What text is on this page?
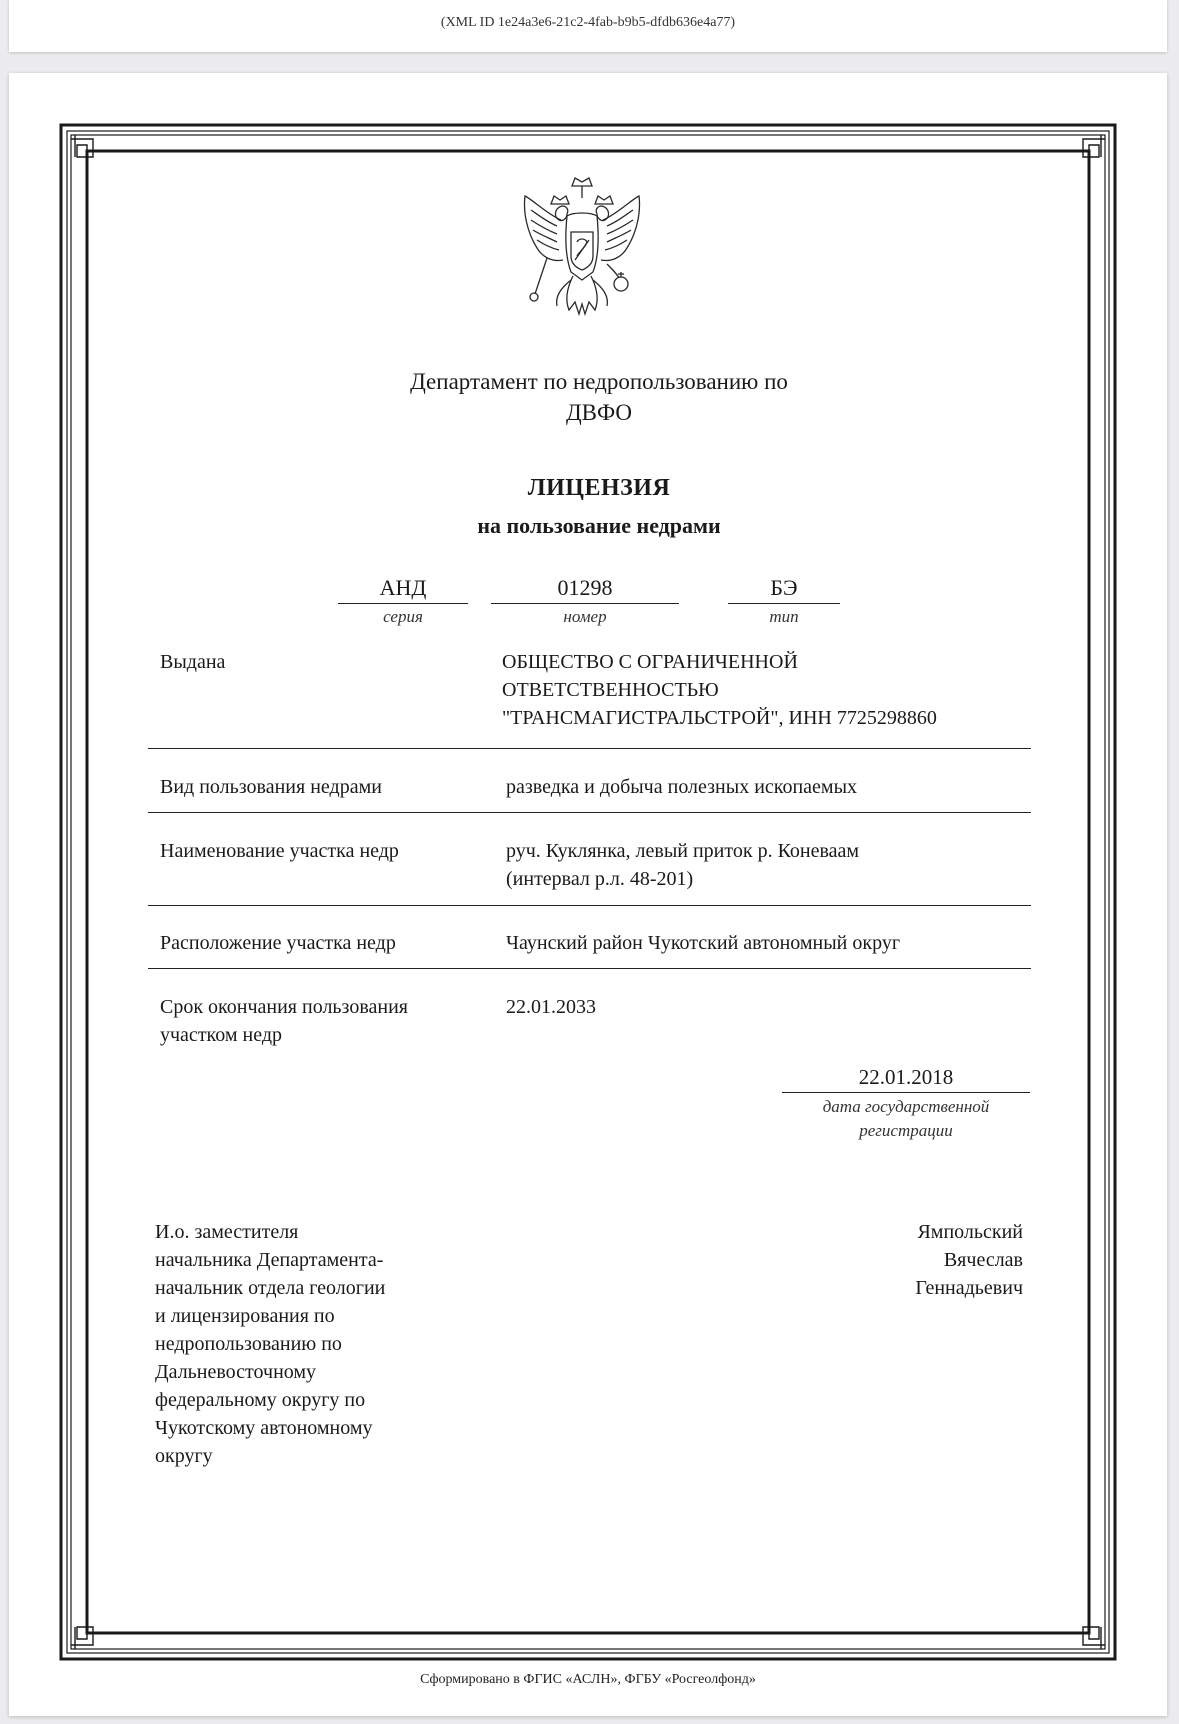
(XML ID 1e24a3e6-21c2-4fab-b9b5-dfdb636e4a77)
Департамент по недропользованию по
ДВФО
ЛИЦЕНЗИЯ
на пользование недрами
АНД
серия
01298
номер
БЭ
тип
Выдана	ОБЩЕСТВО С ОГРАНИЧЕННОЙ
ОТВЕТСТВЕННОСТЬЮ
"ТРАНСМАГИСТРАЛЬСТРОЙ", ИНН 7725298860
Вид пользования недрами	разведка и добыча полезных ископаемых
Наименование участка недр	руч. Куклянка, левый приток р. Коневаам
(интервал р.л. 48-201)
Расположение участка недр	Чаунский район Чукотский автономный округ
Срок окончания пользования
участком недр
22.01.2033
22.01.2018
дата государственной
регистрации
И.о. заместителя
начальника Департамента-
начальник отдела геологии
и лицензирования по
недропользованию по
Дальневосточному
федеральному округу по
Чукотскому автономному
округу
Ямпольский
Вячеслав
Геннадьевич
Сформировано в ФГИС «АСЛН», ФГБУ «Росгеолфонд»
